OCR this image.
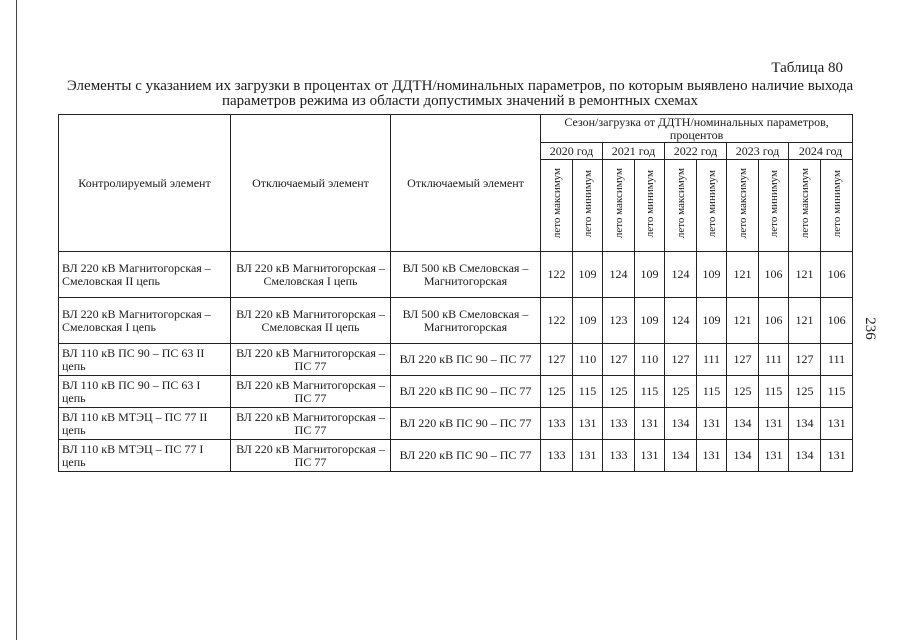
Таблица 80
Элементы с указанием их загрузки в процентах от ДДТН/номинальных параметров, по которым выявлено наличие выхода параметров режима из области допустимых значений в ремонтных схемах
236
Контролируемый элемент	Отключаемый элемент	Отключаемый элемент	Сезон/загрузка от ДДТН/номинальных параметров, процентов									
			2020 год		2021 год		2022 год		2023 год		2024 год	
			лето максимум	лето минимум	лето максимум	лето минимум	лето максимум	лето минимум	лето максимум	лето минимум	лето максимум	лето минимум
ВЛ 220 кВ Магнитогорская – Смеловская II цепь	ВЛ 220 кВ Магнитогорская – Смеловская I цепь	ВЛ 500 кВ Смеловская – Магнитогорская	122	109	124	109	124	109	121	106	121	106
ВЛ 220 кВ Магнитогорская – Смеловская I цепь	ВЛ 220 кВ Магнитогорская – Смеловская II цепь	ВЛ 500 кВ Смеловская – Магнитогорская	122	109	123	109	124	109	121	106	121	106
ВЛ 110 кВ ПС 90 – ПС 63 II цепь	ВЛ 220 кВ Магнитогорская – ПС 77	ВЛ 220 кВ ПС 90 – ПС 77	127	110	127	110	127	111	127	111	127	111
ВЛ 110 кВ ПС 90 – ПС 63 I цепь	ВЛ 220 кВ Магнитогорская – ПС 77	ВЛ 220 кВ ПС 90 – ПС 77	125	115	125	115	125	115	125	115	125	115
ВЛ 110 кВ МТЭЦ – ПС 77 II цепь	ВЛ 220 кВ Магнитогорская – ПС 77	ВЛ 220 кВ ПС 90 – ПС 77	133	131	133	131	134	131	134	131	134	131
ВЛ 110 кВ МТЭЦ – ПС 77 I цепь	ВЛ 220 кВ Магнитогорская – ПС 77	ВЛ 220 кВ ПС 90 – ПС 77	133	131	133	131	134	131	134	131	134	131
